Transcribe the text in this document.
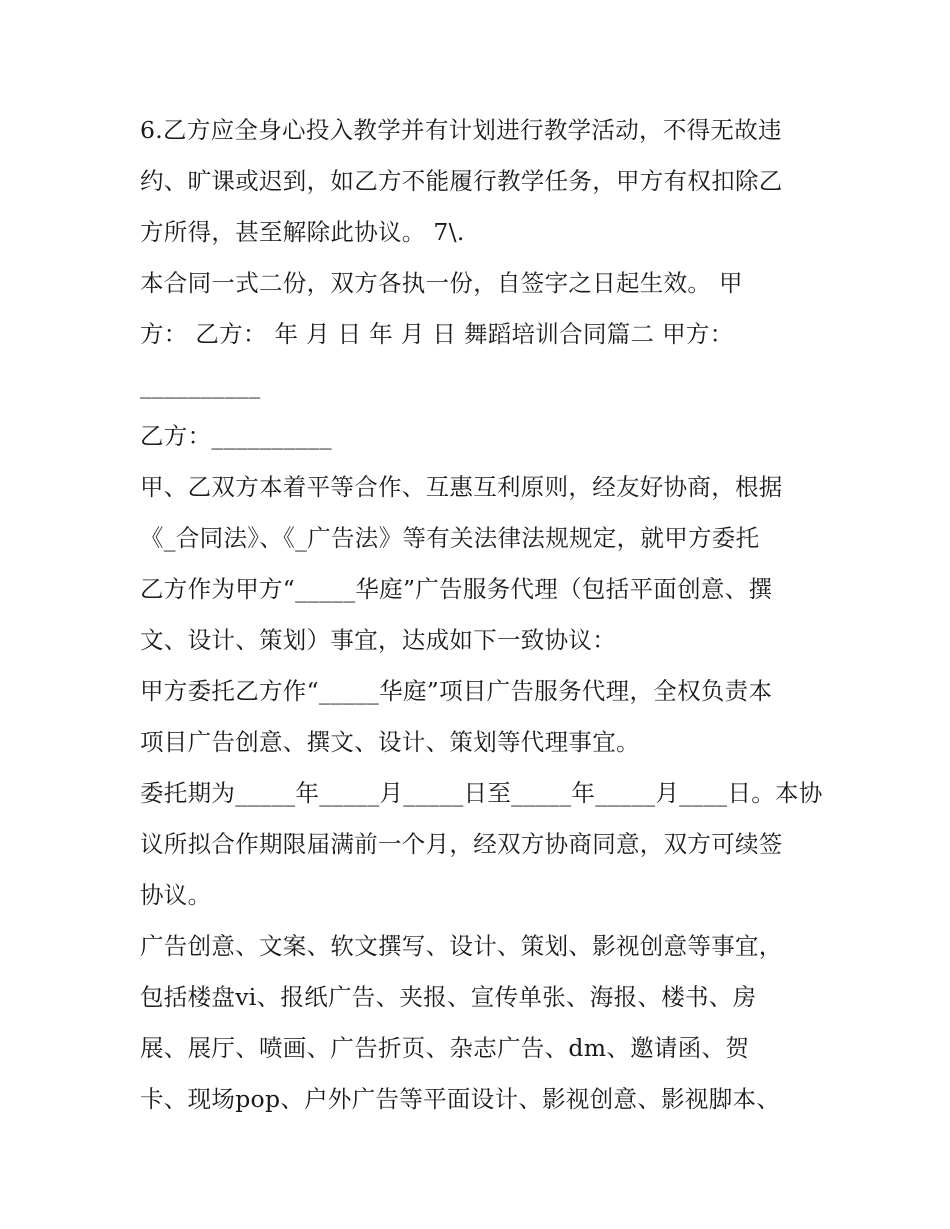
6.乙方应全身心投入教学并有计划进行教学活动，不得无故违
约、旷课或迟到，如乙方不能履行教学任务，甲方有权扣除乙
方所得，甚至解除此协议。 7\.
本合同一式二份，双方各执一份，自签字之日起生效。 甲
方： 乙方： 年 月 日 年 月 日 舞蹈培训合同篇二 甲方：
__________
乙方：__________
甲、乙双方本着平等合作、互惠互利原则，经友好协商，根据
《_合同法》、《_广告法》等有关法律法规规定，就甲方委托
乙方作为甲方“_____华庭”广告服务代理（包括平面创意、撰
文、设计、策划）事宜，达成如下一致协议：
甲方委托乙方作“_____华庭”项目广告服务代理，全权负责本
项目广告创意、撰文、设计、策划等代理事宜。
委托期为_____年_____月_____日至_____年_____月____日。本协
议所拟合作期限届满前一个月，经双方协商同意，双方可续签
协议。
广告创意、文案、软文撰写、设计、策划、影视创意等事宜，
包括楼盘vi、报纸广告、夹报、宣传单张、海报、楼书、房
展、展厅、喷画、广告折页、杂志广告、dm、邀请函、贺
卡、现场pop、户外广告等平面设计、影视创意、影视脚本、
